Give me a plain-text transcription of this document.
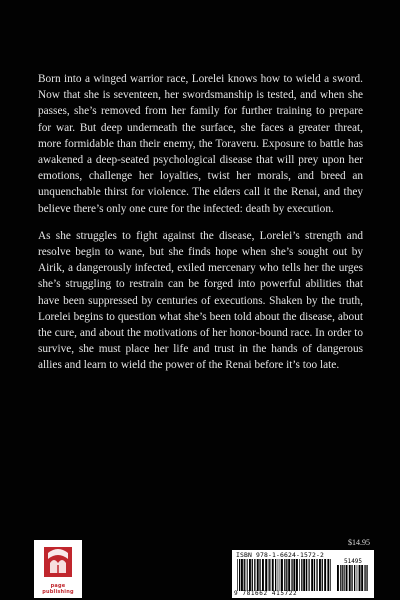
Born into a winged warrior race, Lorelei knows how to wield a sword. Now that she is seventeen, her swordsmanship is tested, and when she passes, she’s removed from her family for further training to prepare for war. But deep underneath the surface, she faces a greater threat, more formidable than their enemy, the Toraveru. Exposure to battle has awakened a deep-seated psychological disease that will prey upon her emotions, challenge her loyalties, twist her morals, and breed an unquenchable thirst for violence. The elders call it the Renai, and they believe there’s only one cure for the infected: death by execution.

As she struggles to fight against the disease, Lorelei’s strength and resolve begin to wane, but she finds hope when she’s sought out by Airik, a dangerously infected, exiled mercenary who tells her the urges she’s struggling to restrain can be forged into powerful abilities that have been suppressed by centuries of executions. Shaken by the truth, Lorelei begins to question what she’s been told about the disease, about the cure, and about the motivations of her honor-bound race. In order to survive, she must place her life and trust in the hands of dangerous allies and learn to wield the power of the Renai before it’s too late.

$14.95
page publishing
ISBN 978-1-6624-1572-2
51495
9 781662 415722
